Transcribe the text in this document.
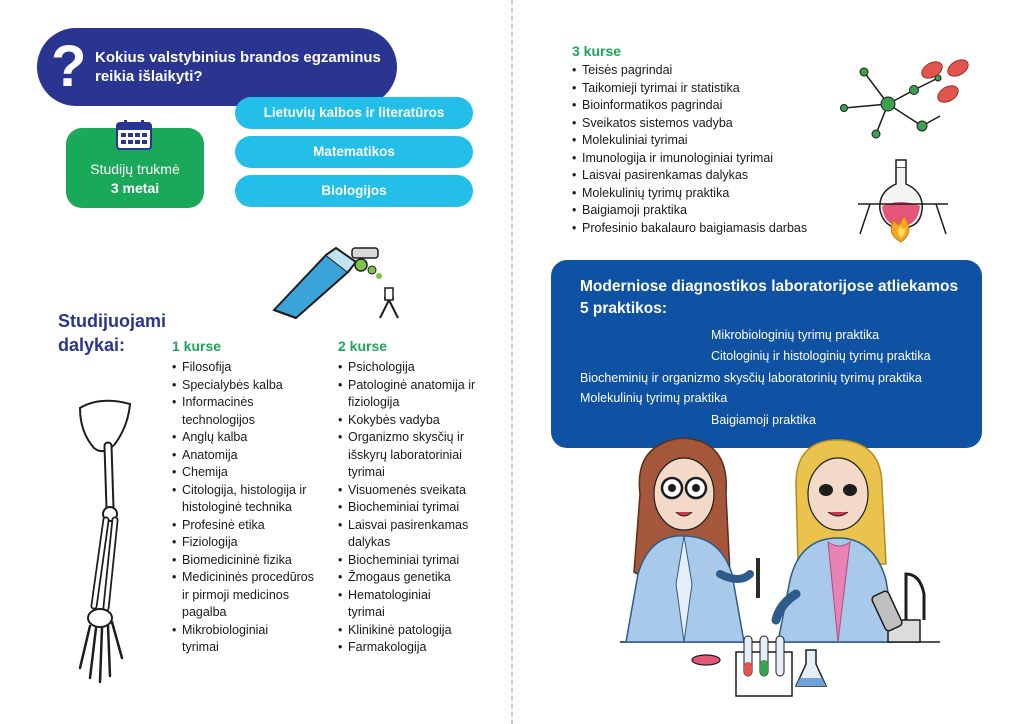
? Kokius valstybinius brandos egzaminus reikia išlaikyti?
Lietuvių kalbos ir literatūros
Matematikos
Biologijos
Studijų trukmė
3 metai
Studijuojami dalykai:	1 kurse
• Filosofija
• Specialybės kalba
• Informacinės technologijos
• Anglų kalba
• Anatomija
• Chemija
• Citologija, histologija ir histologinė technika
• Profesinė etika
• Fiziologija
• Biomedicininė fizika
• Medicininės procedūros ir pirmoji medicinos pagalba
• Mikrobiologiniai tyrimai
2 kurse
• Psichologija
• Patologinė anatomija ir fiziologija
• Kokybės vadyba
• Organizmo skysčių ir išskyrų laboratoriniai tyrimai
• Visuomenės sveikata
• Biocheminiai tyrimai
• Laisvai pasirenkamas dalykas
• Biocheminiai tyrimai
• Žmogaus genetika
• Hematologiniai tyrimai
• Klinikinė patologija
• Farmakologija
3 kurse
• Teisės pagrindai
• Taikomieji tyrimai ir statistika
• Bioinformatikos pagrindai
• Sveikatos sistemos vadyba
• Molekuliniai tyrimai
• Imunologija ir imunologiniai tyrimai
• Laisvai pasirenkamas dalykas
• Molekulinių tyrimų praktika
• Baigiamoji praktika
• Profesinio bakalauro baigiamasis darbas
Moderniose diagnostikos laboratorijose atliekamos 5 praktikos:
Mikrobiologinių tyrimų praktika
Citologinių ir histologinių tyrimų praktika
Biocheminių ir organizmo skysčių laboratorinių tyrimų praktika
Molekulinių tyrimų praktika
Baigiamoji praktika
